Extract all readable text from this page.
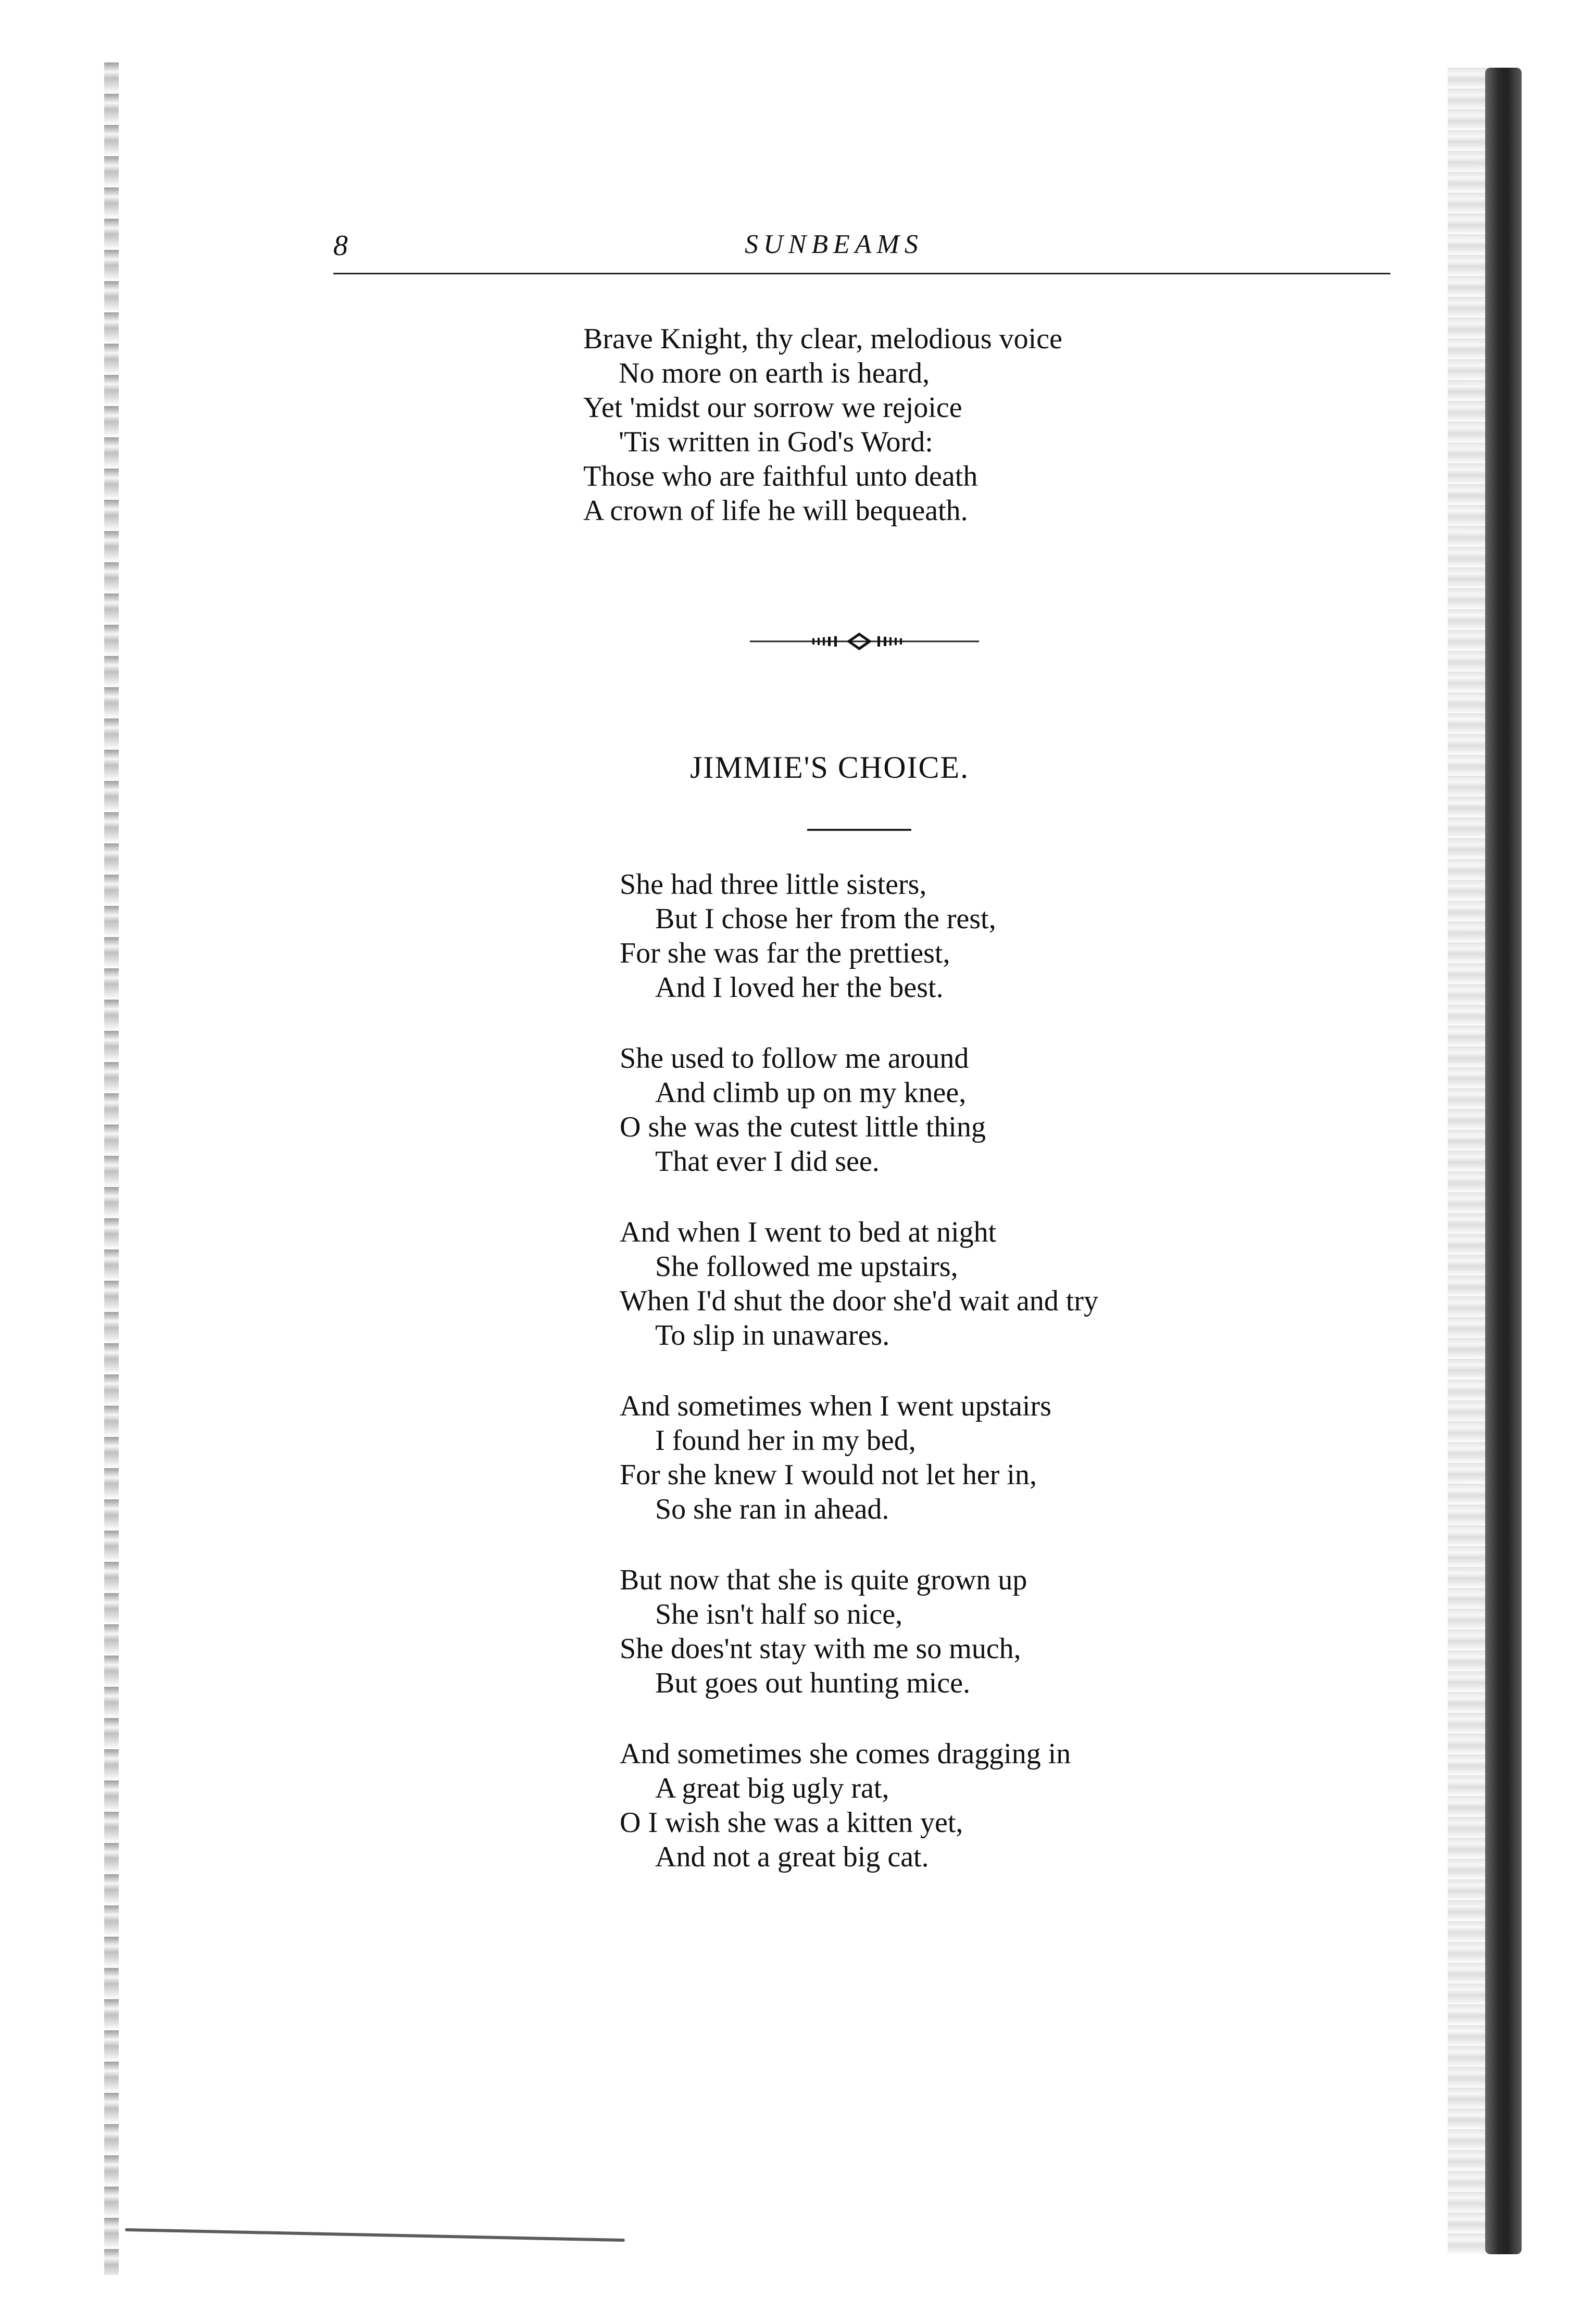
8	SUNBEAMS
Brave Knight, thy clear, melodious voice
No more on earth is heard,
Yet 'midst our sorrow we rejoice
'Tis written in God's Word:
Those who are faithful unto death
A crown of life he will bequeath.
JIMMIE'S CHOICE.
She had three little sisters,
But I chose her from the rest,
For she was far the prettiest,
And I loved her the best.
She used to follow me around
And climb up on my knee,
O she was the cutest little thing
That ever I did see.
And when I went to bed at night
She followed me upstairs,
When I'd shut the door she'd wait and try
To slip in unawares.
And sometimes when I went upstairs
I found her in my bed,
For she knew I would not let her in,
So she ran in ahead.
But now that she is quite grown up
She isn't half so nice,
She does'nt stay with me so much,
But goes out hunting mice.
And sometimes she comes dragging in
A great big ugly rat,
O I wish she was a kitten yet,
And not a great big cat.
